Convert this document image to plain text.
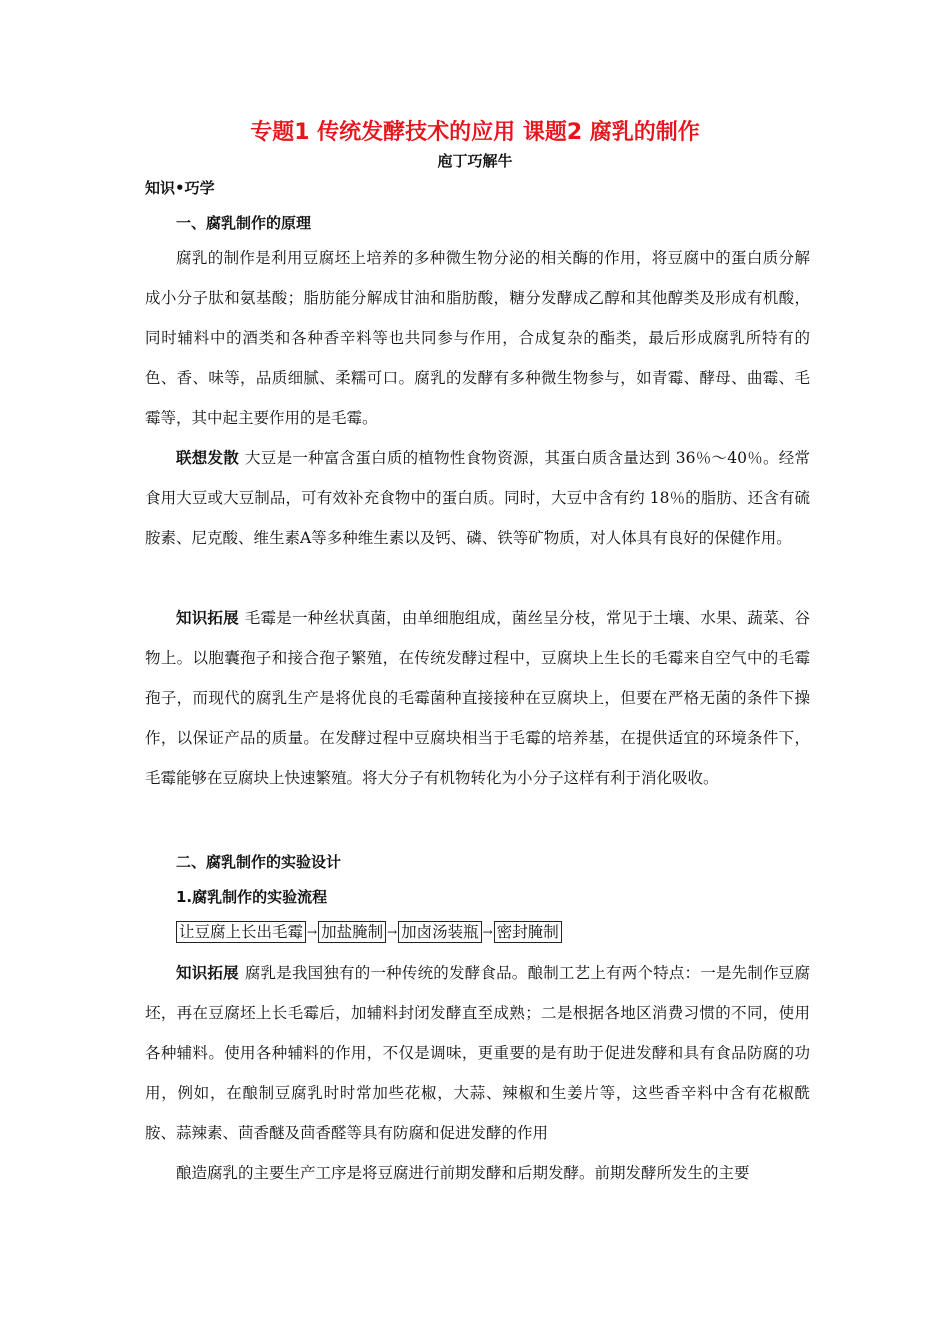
专题1 传统发酵技术的应用 课题2 腐乳的制作
庖丁巧解牛
知识•巧学
一、腐乳制作的原理

腐乳的制作是利用豆腐坯上培养的多种微生物分泌的相关酶的作用，将豆腐中的蛋白质分解成小分子肽和氨基酸；脂肪能分解成甘油和脂肪酸，糖分发酵成乙醇和其他醇类及形成有机酸，同时辅料中的酒类和各种香辛料等也共同参与作用，合成复杂的酯类，最后形成腐乳所特有的色、香、味等，品质细腻、柔糯可口。腐乳的发酵有多种微生物参与，如青霉、酵母、曲霉、毛霉等，其中起主要作用的是毛霉。

联想发散 大豆是一种富含蛋白质的植物性食物资源，其蛋白质含量达到 36％～40％。经常食用大豆或大豆制品，可有效补充食物中的蛋白质。同时，大豆中含有约 18％的脂肪、还含有硫胺素、尼克酸、维生素A等多种维生素以及钙、磷、铁等矿物质，对人体具有良好的保健作用。

知识拓展 毛霉是一种丝状真菌，由单细胞组成，菌丝呈分枝，常见于土壤、水果、蔬菜、谷物上。以胞囊孢子和接合孢子繁殖，在传统发酵过程中，豆腐块上生长的毛霉来自空气中的毛霉孢子，而现代的腐乳生产是将优良的毛霉菌种直接接种在豆腐块上，但要在严格无菌的条件下操作，以保证产品的质量。在发酵过程中豆腐块相当于毛霉的培养基，在提供适宜的环境条件下，毛霉能够在豆腐块上快速繁殖。将大分子有机物转化为小分子这样有利于消化吸收。

二、腐乳制作的实验设计
1.腐乳制作的实验流程
让豆腐上长出毛霉 → 加盐腌制 → 加卤汤装瓶 → 密封腌制

知识拓展 腐乳是我国独有的一种传统的发酵食品。酿制工艺上有两个特点：一是先制作豆腐坯，再在豆腐坯上长毛霉后，加辅料封闭发酵直至成熟；二是根据各地区消费习惯的不同，使用各种辅料。使用各种辅料的作用，不仅是调味，更重要的是有助于促进发酵和具有食品防腐的功用，例如，在酿制豆腐乳时时常加些花椒，大蒜、辣椒和生姜片等，这些香辛料中含有花椒酰胺、蒜辣素、茴香醚及茴香醛等具有防腐和促进发酵的作用

酿造腐乳的主要生产工序是将豆腐进行前期发酵和后期发酵。前期发酵所发生的主要
